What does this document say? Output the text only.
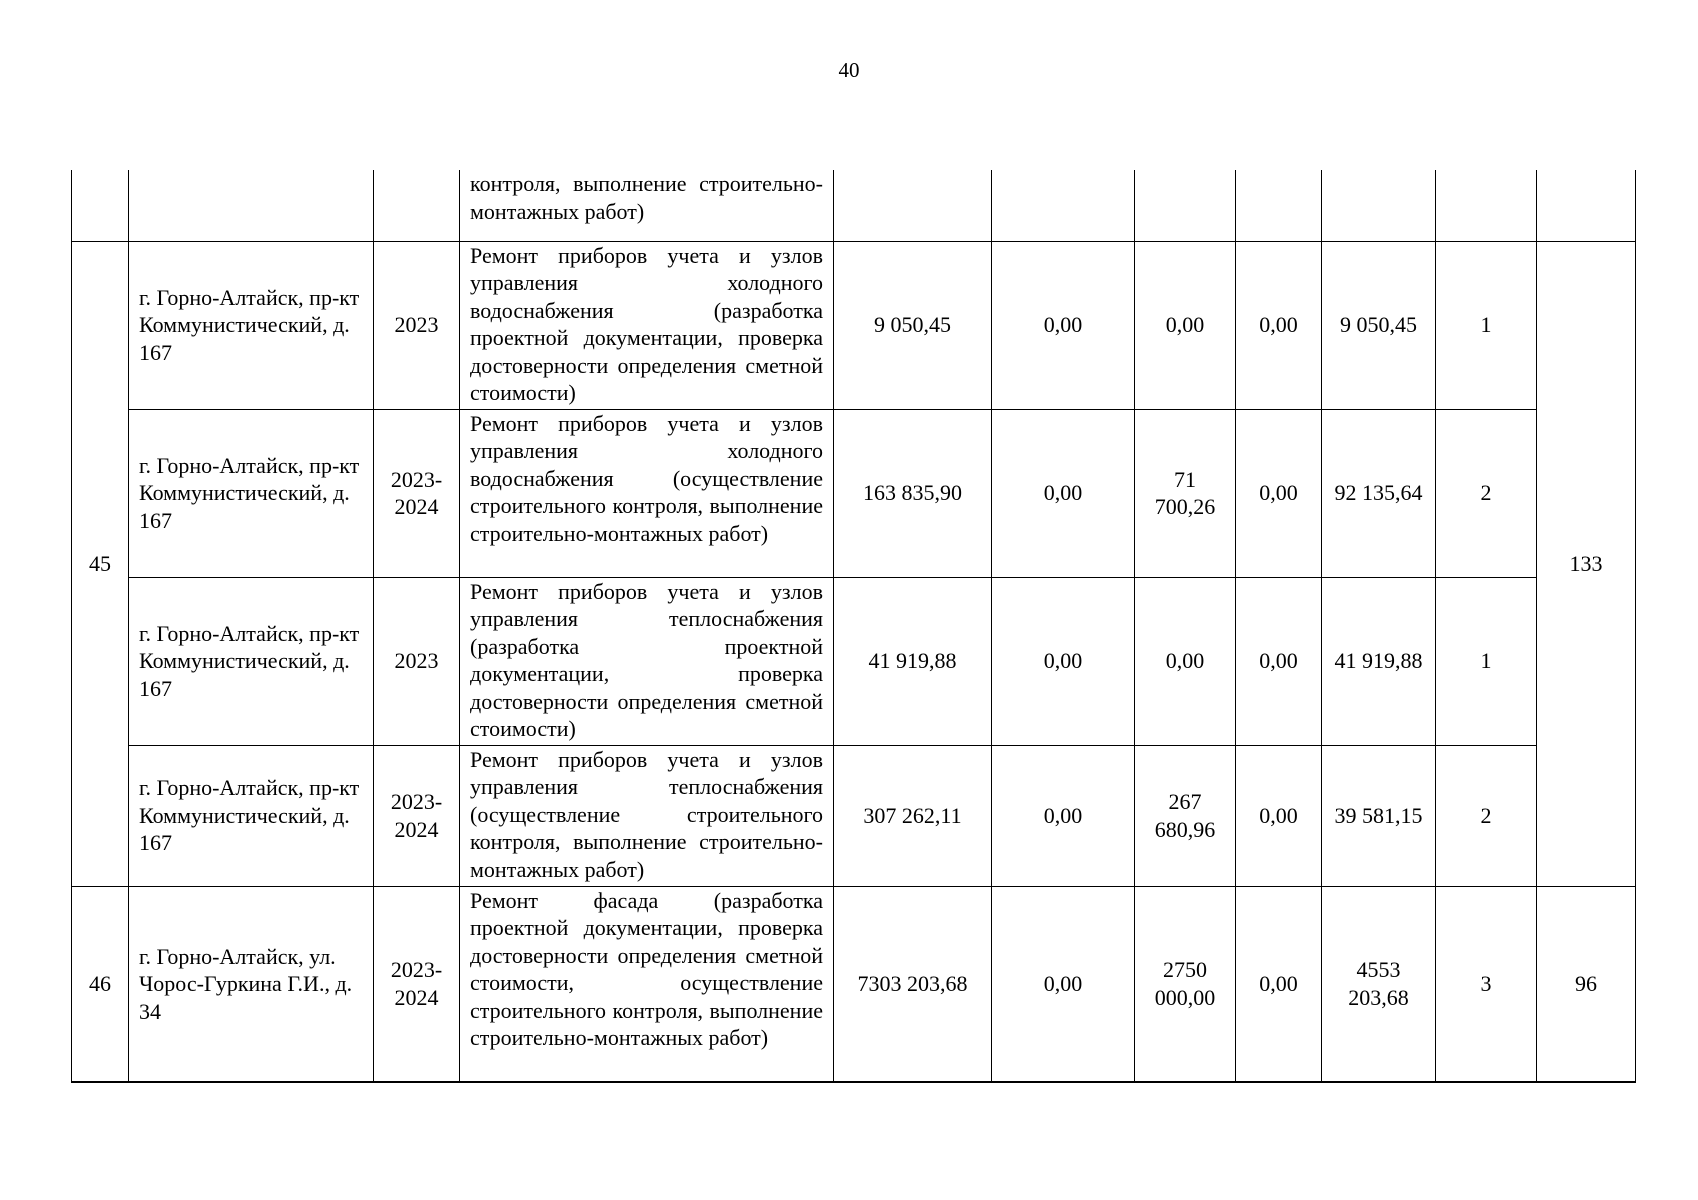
40
			контроля, выполнение строительно-монтажных работ)							
45	г. Горно-Алтайск, пр-кт Коммунистический, д. 167	2023	Ремонт приборов учета и узлов управления холодного водоснабжения (разработка проектной документации, проверка достоверности определения сметной стоимости)	9 050,45	0,00	0,00	0,00	9 050,45	1	133
	г. Горно-Алтайск, пр-кт Коммунистический, д. 167	2023-2024	Ремонт приборов учета и узлов управления холодного водоснабжения (осуществление строительного контроля, выполнение строительно-монтажных работ)	163 835,90	0,00	71 700,26	0,00	92 135,64	2	
	г. Горно-Алтайск, пр-кт Коммунистический, д. 167	2023	Ремонт приборов учета и узлов управления теплоснабжения (разработка проектной документации, проверка достоверности определения сметной стоимости)	41 919,88	0,00	0,00	0,00	41 919,88	1	
	г. Горно-Алтайск, пр-кт Коммунистический, д. 167	2023-2024	Ремонт приборов учета и узлов управления теплоснабжения (осуществление строительного контроля, выполнение строительно-монтажных работ)	307 262,11	0,00	267 680,96	0,00	39 581,15	2	
46	г. Горно-Алтайск, ул. Чорос-Гуркина Г.И., д. 34	2023-2024	Ремонт фасада (разработка проектной документации, проверка достоверности определения сметной стоимости, осуществление строительного контроля, выполнение строительно-монтажных работ)	7303 203,68	0,00	2750 000,00	0,00	4553 203,68	3	96
